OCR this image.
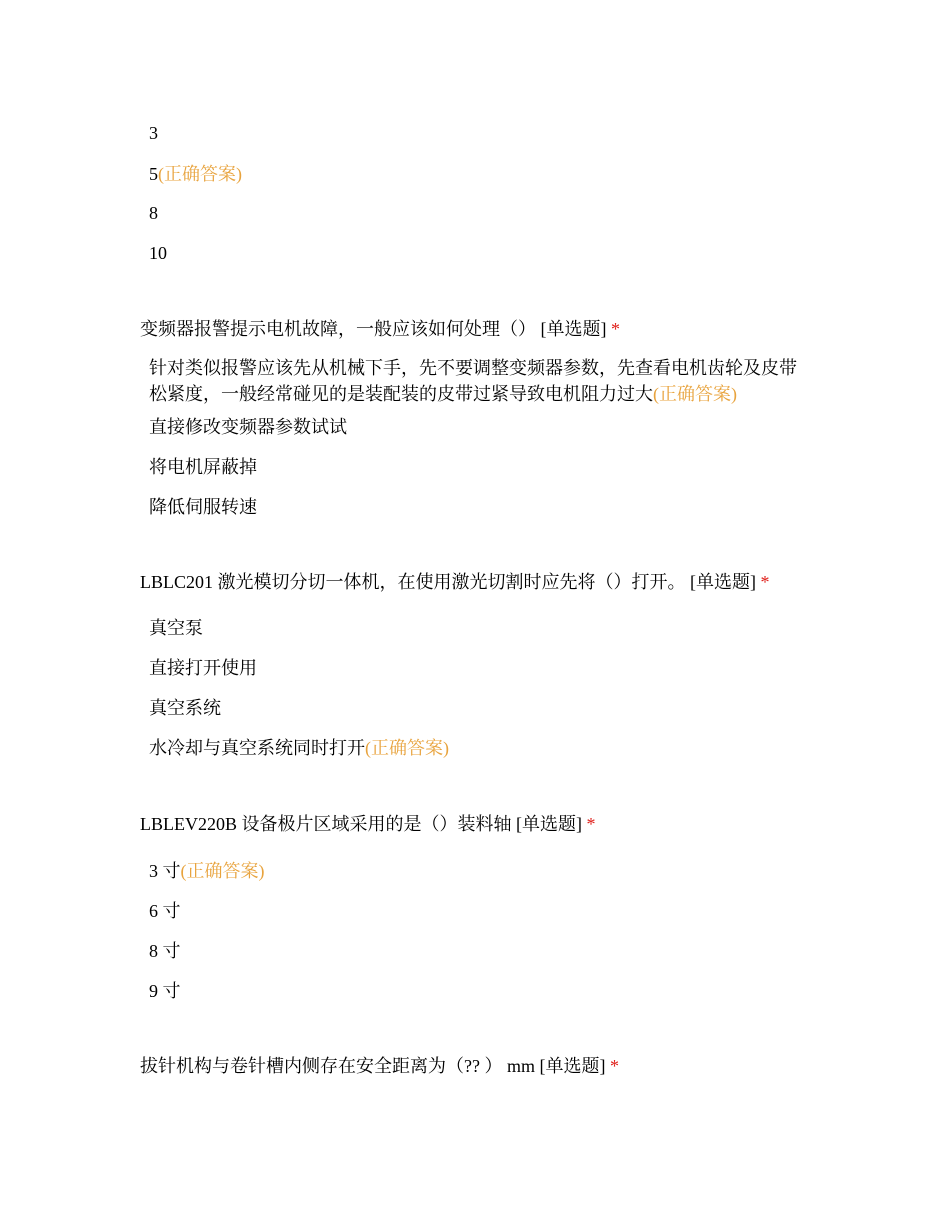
3
5(正确答案)
8
10
变频器报警提示电机故障，一般应该如何处理（） [单选题] *
针对类似报警应该先从机械下手，先不要调整变频器参数，先查看电机齿轮及皮带松紧度，一般经常碰见的是装配装的皮带过紧导致电机阻力过大(正确答案)
直接修改变频器参数试试
将电机屏蔽掉
降低伺服转速
LBLC201 激光模切分切一体机，在使用激光切割时应先将（）打开。 [单选题] *
真空泵
直接打开使用
真空系统
水冷却与真空系统同时打开(正确答案)
LBLEV220B 设备极片区域采用的是（）装料轴 [单选题] *
3 寸(正确答案)
6 寸
8 寸
9 寸
拔针机构与卷针槽内侧存在安全距离为（?? ） mm [单选题] *
